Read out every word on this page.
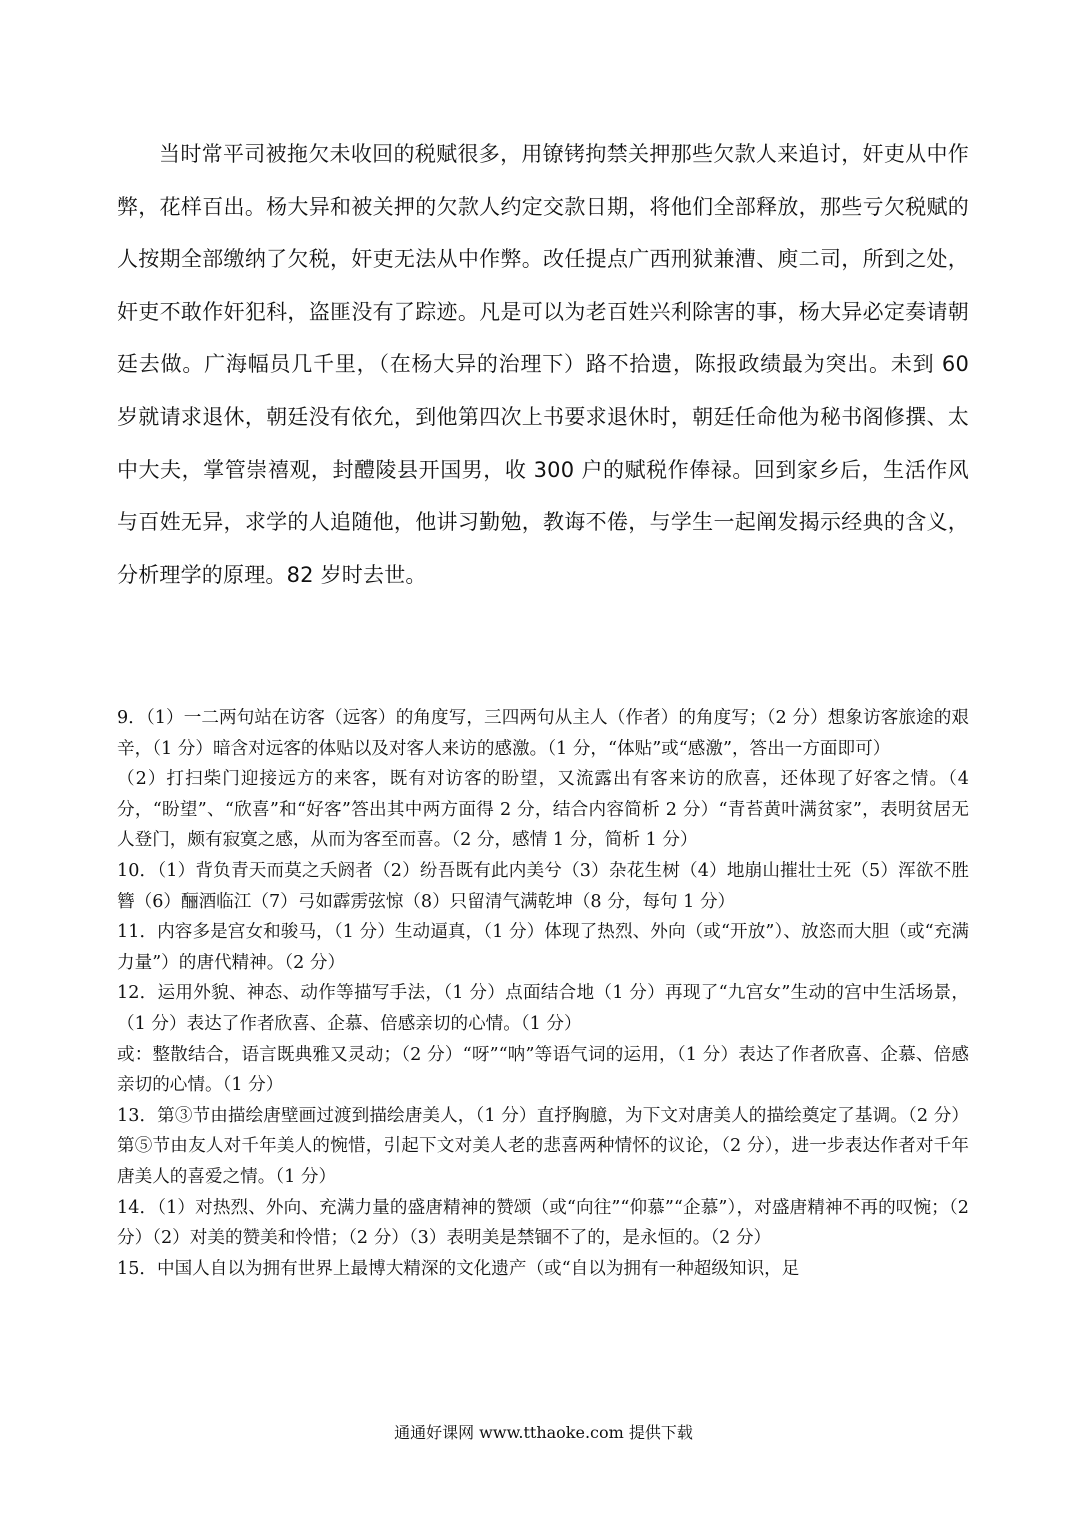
当时常平司被拖欠未收回的税赋很多，用镣铐拘禁关押那些欠款人来追讨，奸吏从中作弊，花样百出。杨大异和被关押的欠款人约定交款日期，将他们全部释放，那些亏欠税赋的人按期全部缴纳了欠税，奸吏无法从中作弊。改任提点广西刑狱兼漕、庾二司，所到之处，奸吏不敢作奸犯科，盗匪没有了踪迹。凡是可以为老百姓兴利除害的事，杨大异必定奏请朝廷去做。广海幅员几千里，（在杨大异的治理下）路不拾遗，陈报政绩最为突出。未到 60 岁就请求退休，朝廷没有依允，到他第四次上书要求退休时，朝廷任命他为秘书阁修撰、太中大夫，掌管崇禧观，封醴陵县开国男，收 300 户的赋税作俸禄。回到家乡后，生活作风与百姓无异，求学的人追随他，他讲习勤勉，教诲不倦，与学生一起阐发揭示经典的含义，分析理学的原理。82 岁时去世。

9．（1）一二两句站在访客（远客）的角度写，三四两句从主人（作者）的角度写；（2 分）想象访客旅途的艰辛，（1 分）暗含对远客的体贴以及对客人来访的感激。（1 分，“体贴”或“感激”，答出一方面即可）

（2）打扫柴门迎接远方的来客，既有对访客的盼望，又流露出有客来访的欣喜，还体现了好客之情。（4 分，“盼望”、“欣喜”和“好客”答出其中两方面得 2 分，结合内容简析 2 分）“青苔黄叶满贫家”，表明贫居无人登门，颇有寂寞之感，从而为客至而喜。（2 分，感情 1 分，简析 1 分）

10．（1）背负青天而莫之夭阏者（2）纷吾既有此内美兮（3）杂花生树（4）地崩山摧壮士死（5）浑欲不胜簪（6）酾酒临江（7）弓如霹雳弦惊（8）只留清气满乾坤（8 分，每句 1 分）

11．内容多是宫女和骏马，（1 分）生动逼真，（1 分）体现了热烈、外向（或“开放”）、放恣而大胆（或“充满力量”）的唐代精神。（2 分）

12．运用外貌、神态、动作等描写手法，（1 分）点面结合地（1 分）再现了“九宫女”生动的宫中生活场景，（1 分）表达了作者欣喜、企慕、倍感亲切的心情。（1 分）

或：整散结合，语言既典雅又灵动；（2 分）“呀”“呐”等语气词的运用，（1 分）表达了作者欣喜、企慕、倍感亲切的心情。（1 分）

13．第③节由描绘唐壁画过渡到描绘唐美人，（1 分）直抒胸臆，为下文对唐美人的描绘奠定了基调。（2 分）第⑤节由友人对千年美人的惋惜，引起下文对美人老的悲喜两种情怀的议论，（2 分），进一步表达作者对千年唐美人的喜爱之情。（1 分）

14．（1）对热烈、外向、充满力量的盛唐精神的赞颂（或“向往”“仰慕”“企慕”），对盛唐精神不再的叹惋；（2 分）（2）对美的赞美和怜惜；（2 分）（3）表明美是禁锢不了的，是永恒的。（2 分）

15．中国人自以为拥有世界上最博大精深的文化遗产（或“自以为拥有一种超级知识，足

通通好课网 www.tthaoke.com 提供下载
